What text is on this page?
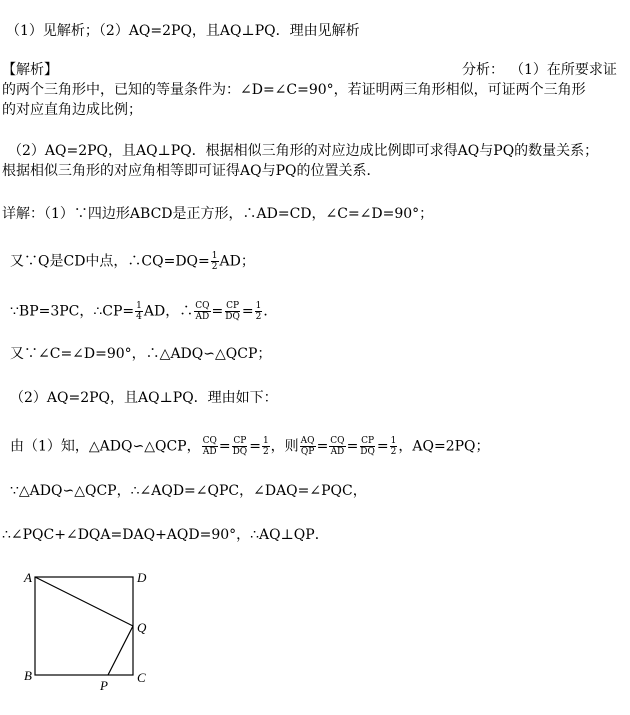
（1）见解析；（2）AQ=2PQ，且AQ⊥PQ．理由见解析
【解析】	分析： （1）在所要求证
的两个三角形中，已知的等量条件为：∠D=∠C=90°，若证明两三角形相似，可证两个三角形
的对应直角边成比例；
（2）AQ=2PQ，且AQ⊥PQ．根据相似三角形的对应边成比例即可求得AQ与PQ的数量关系；
根据相似三角形的对应角相等即可证得AQ与PQ的位置关系．
详解：（1）∵四边形ABCD是正方形，∴AD=CD，∠C=∠D=90°；
又∵Q是CD中点，∴CQ=DQ= $\frac{1}{2}$ AD；
∵BP=3PC，∴CP= $\frac{1}{4}$ AD，∴ $\frac{CQ}{AD} = \frac{CP}{DQ} = \frac{1}{2}$ ．
又∵∠C=∠D=90°，∴△ADQ∽△QCP；
（2）AQ=2PQ，且AQ⊥PQ．理由如下：
由（1）知，△ADQ∽△QCP， $\frac{CQ}{AD} = \frac{CP}{DQ} = \frac{1}{2}$ ，则 $\frac{AQ}{QP} = \frac{CQ}{AD} = \frac{CP}{DQ} = \frac{1}{2}$ ，AQ=2PQ；
∵△ADQ∽△QCP，∴∠AQD=∠QPC，∠DAQ=∠PQC，
∴∠PQC+∠DQA=DAQ+AQD=90°，∴AQ⊥QP．
A	D
Q
B	C
P
